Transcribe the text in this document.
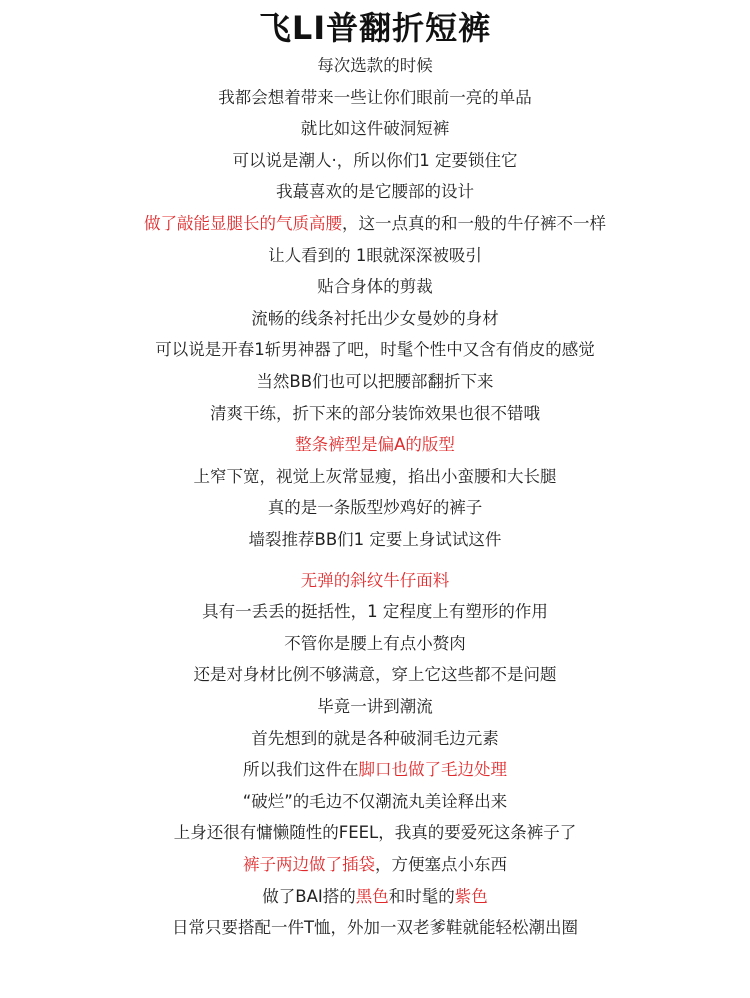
飞LI普翻折短裤
每次选款的时候
我都会想着带来一些让你们眼前一亮的单品
就比如这件破洞短裤
可以说是潮人·，所以你们1 定要锁住它
我蕞喜欢的是它腰部的设计
做了敲能显腿长的气质高腰，这一点真的和一般的牛仔裤不一样
让人看到的 1眼就深深被吸引
贴合身体的剪裁
流畅的线条衬托出少女曼妙的身材
可以说是开春1斩男神器了吧，时髦个性中又含有俏皮的感觉
当然BB们也可以把腰部翻折下来
清爽干练，折下来的部分装饰效果也很不错哦
整条裤型是偏A的版型
上窄下宽，视觉上灰常显瘦，掐出小蛮腰和大长腿
真的是一条版型炒鸡好的裤子
墙裂推荐BB们1 定要上身试试这件
无弹的斜纹牛仔面料
具有一丢丢的挺括性，1 定程度上有塑形的作用
不管你是腰上有点小赘肉
还是对身材比例不够满意，穿上它这些都不是问题
毕竟一讲到潮流
首先想到的就是各种破洞毛边元素
所以我们这件在脚口也做了毛边处理
“破烂”的毛边不仅潮流丸美诠释出来
上身还很有慵懒随性的FEEL，我真的要爱死这条裤子了
裤子两边做了插袋，方便塞点小东西
做了BAI搭的黑色和时髦的紫色
日常只要搭配一件T恤，外加一双老爹鞋就能轻松潮出圈
